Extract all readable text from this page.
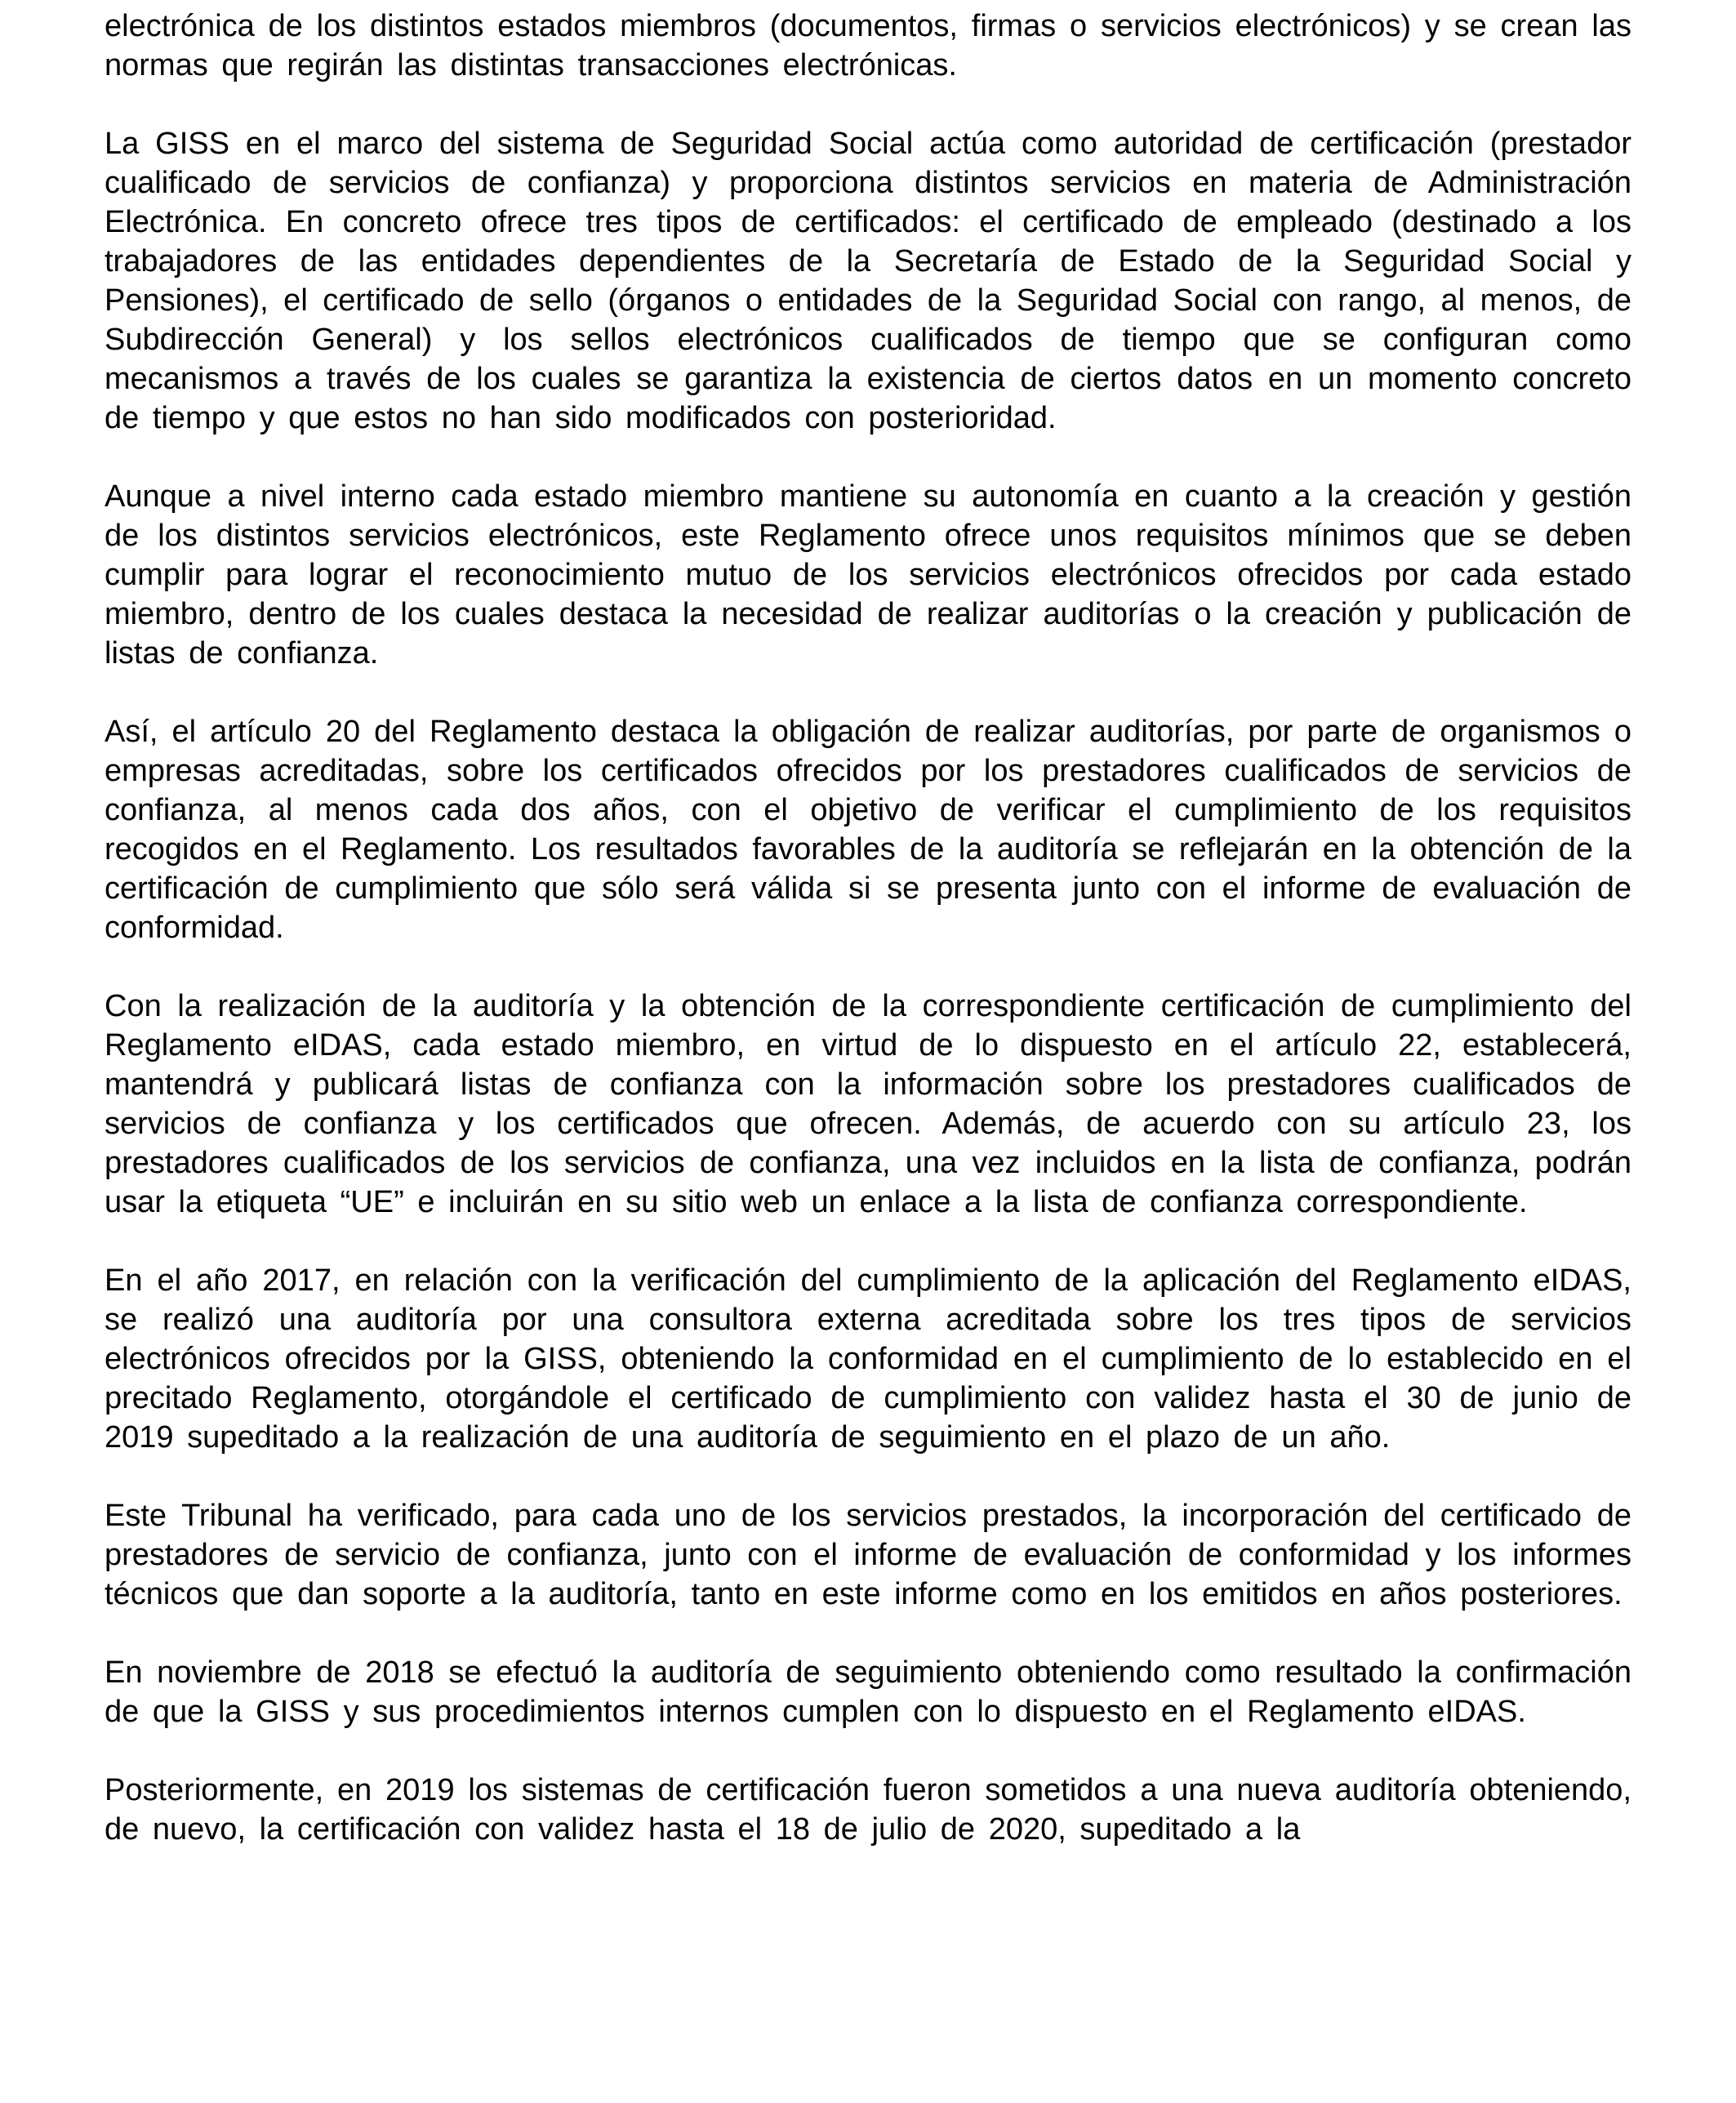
electrónica de los distintos estados miembros (documentos, firmas o servicios electrónicos) y se crean las normas que regirán las distintas transacciones electrónicas.

La GISS en el marco del sistema de Seguridad Social actúa como autoridad de certificación (prestador cualificado de servicios de confianza) y proporciona distintos servicios en materia de Administración Electrónica. En concreto ofrece tres tipos de certificados: el certificado de empleado (destinado a los trabajadores de las entidades dependientes de la Secretaría de Estado de la Seguridad Social y Pensiones), el certificado de sello (órganos o entidades de la Seguridad Social con rango, al menos, de Subdirección General) y los sellos electrónicos cualificados de tiempo que se configuran como mecanismos a través de los cuales se garantiza la existencia de ciertos datos en un momento concreto de tiempo y que estos no han sido modificados con posterioridad.

Aunque a nivel interno cada estado miembro mantiene su autonomía en cuanto a la creación y gestión de los distintos servicios electrónicos, este Reglamento ofrece unos requisitos mínimos que se deben cumplir para lograr el reconocimiento mutuo de los servicios electrónicos ofrecidos por cada estado miembro, dentro de los cuales destaca la necesidad de realizar auditorías o la creación y publicación de listas de confianza.

Así, el artículo 20 del Reglamento destaca la obligación de realizar auditorías, por parte de organismos o empresas acreditadas, sobre los certificados ofrecidos por los prestadores cualificados de servicios de confianza, al menos cada dos años, con el objetivo de verificar el cumplimiento de los requisitos recogidos en el Reglamento. Los resultados favorables de la auditoría se reflejarán en la obtención de la certificación de cumplimiento que sólo será válida si se presenta junto con el informe de evaluación de conformidad.

Con la realización de la auditoría y la obtención de la correspondiente certificación de cumplimiento del Reglamento eIDAS, cada estado miembro, en virtud de lo dispuesto en el artículo 22, establecerá, mantendrá y publicará listas de confianza con la información sobre los prestadores cualificados de servicios de confianza y los certificados que ofrecen. Además, de acuerdo con su artículo 23, los prestadores cualificados de los servicios de confianza, una vez incluidos en la lista de confianza, podrán usar la etiqueta “UE” e incluirán en su sitio web un enlace a la lista de confianza correspondiente.

En el año 2017, en relación con la verificación del cumplimiento de la aplicación del Reglamento eIDAS, se realizó una auditoría por una consultora externa acreditada sobre los tres tipos de servicios electrónicos ofrecidos por la GISS, obteniendo la conformidad en el cumplimiento de lo establecido en el precitado Reglamento, otorgándole el certificado de cumplimiento con validez hasta el 30 de junio de 2019 supeditado a la realización de una auditoría de seguimiento en el plazo de un año.

Este Tribunal ha verificado, para cada uno de los servicios prestados, la incorporación del certificado de prestadores de servicio de confianza, junto con el informe de evaluación de conformidad y los informes técnicos que dan soporte a la auditoría, tanto en este informe como en los emitidos en años posteriores.

En noviembre de 2018 se efectuó la auditoría de seguimiento obteniendo como resultado la confirmación de que la GISS y sus procedimientos internos cumplen con lo dispuesto en el Reglamento eIDAS.

Posteriormente, en 2019 los sistemas de certificación fueron sometidos a una nueva auditoría obteniendo, de nuevo, la certificación con validez hasta el 18 de julio de 2020, supeditado a la
